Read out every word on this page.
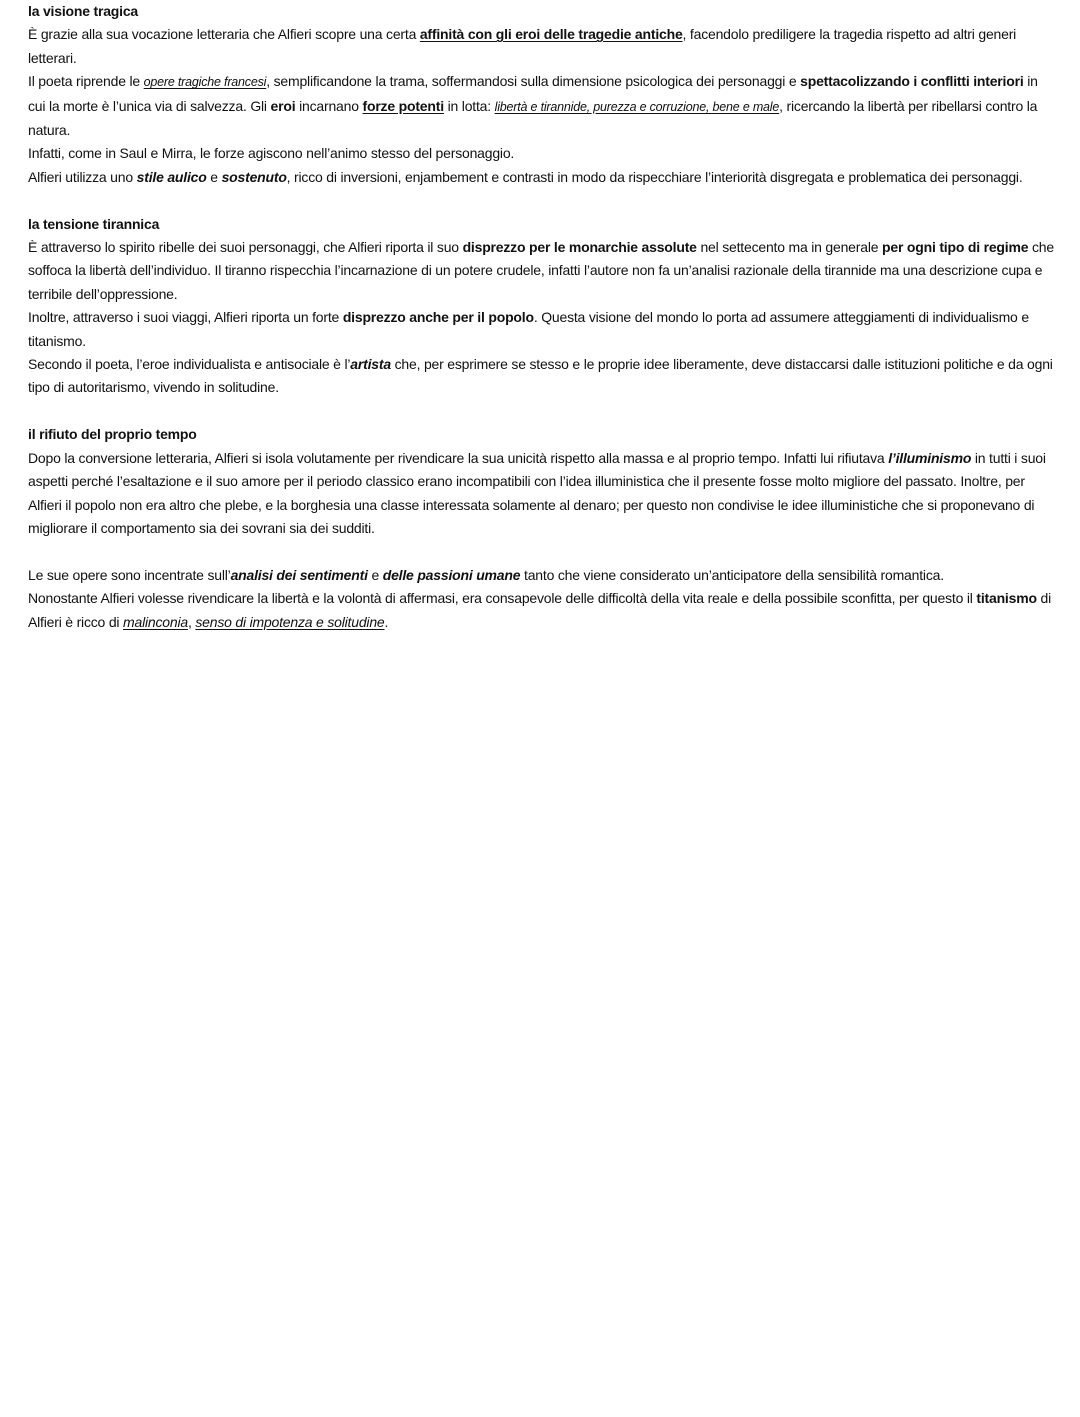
la visione tragica

È grazie alla sua vocazione letteraria che Alfieri scopre una certa affinità con gli eroi delle tragedie antiche, facendolo prediligere la tragedia rispetto ad altri generi letterari.

Il poeta riprende le opere tragiche francesi, semplificandone la trama, soffermandosi sulla dimensione psicologica dei personaggi e spettacolizzando i conflitti interiori in cui la morte è l’unica via di salvezza. Gli eroi incarnano forze potenti in lotta: libertà e tirannide, purezza e corruzione, bene e male, ricercando la libertà per ribellarsi contro la natura.

Infatti, come in Saul e Mirra, le forze agiscono nell’animo stesso del personaggio.

Alfieri utilizza uno stile aulico e sostenuto, ricco di inversioni, enjambement e contrasti in modo da rispecchiare l’interiorità disgregata e problematica dei personaggi.

la tensione tirannica

È attraverso lo spirito ribelle dei suoi personaggi, che Alfieri riporta il suo disprezzo per le monarchie assolute nel settecento ma in generale per ogni tipo di regime che soffoca la libertà dell’individuo. Il tiranno rispecchia l’incarnazione di un potere crudele, infatti l’autore non fa un’analisi razionale della tirannide ma una descrizione cupa e terribile dell’oppressione.

Inoltre, attraverso i suoi viaggi, Alfieri riporta un forte disprezzo anche per il popolo. Questa visione del mondo lo porta ad assumere atteggiamenti di individualismo e titanismo.

Secondo il poeta, l’eroe individualista e antisociale è l’artista che, per esprimere se stesso e le proprie idee liberamente, deve distaccarsi dalle istituzioni politiche e da ogni tipo di autoritarismo, vivendo in solitudine.

il rifiuto del proprio tempo

Dopo la conversione letteraria, Alfieri si isola volutamente per rivendicare la sua unicità rispetto alla massa e al proprio tempo. Infatti lui rifiutava l’illuminismo in tutti i suoi aspetti perché l’esaltazione e il suo amore per il periodo classico erano incompatibili con l’idea illuministica che il presente fosse molto migliore del passato. Inoltre, per Alfieri il popolo non era altro che plebe, e la borghesia una classe interessata solamente al denaro; per questo non condivise le idee illuministiche che si proponevano di migliorare il comportamento sia dei sovrani sia dei sudditi.

Le sue opere sono incentrate sull’analisi dei sentimenti e delle passioni umane tanto che viene considerato un’anticipatore della sensibilità romantica.

Nonostante Alfieri volesse rivendicare la libertà e la volontà di affermasi, era consapevole delle difficoltà della vita reale e della possibile sconfitta, per questo il titanismo di Alfieri è ricco di malinconia, senso di impotenza e solitudine.
